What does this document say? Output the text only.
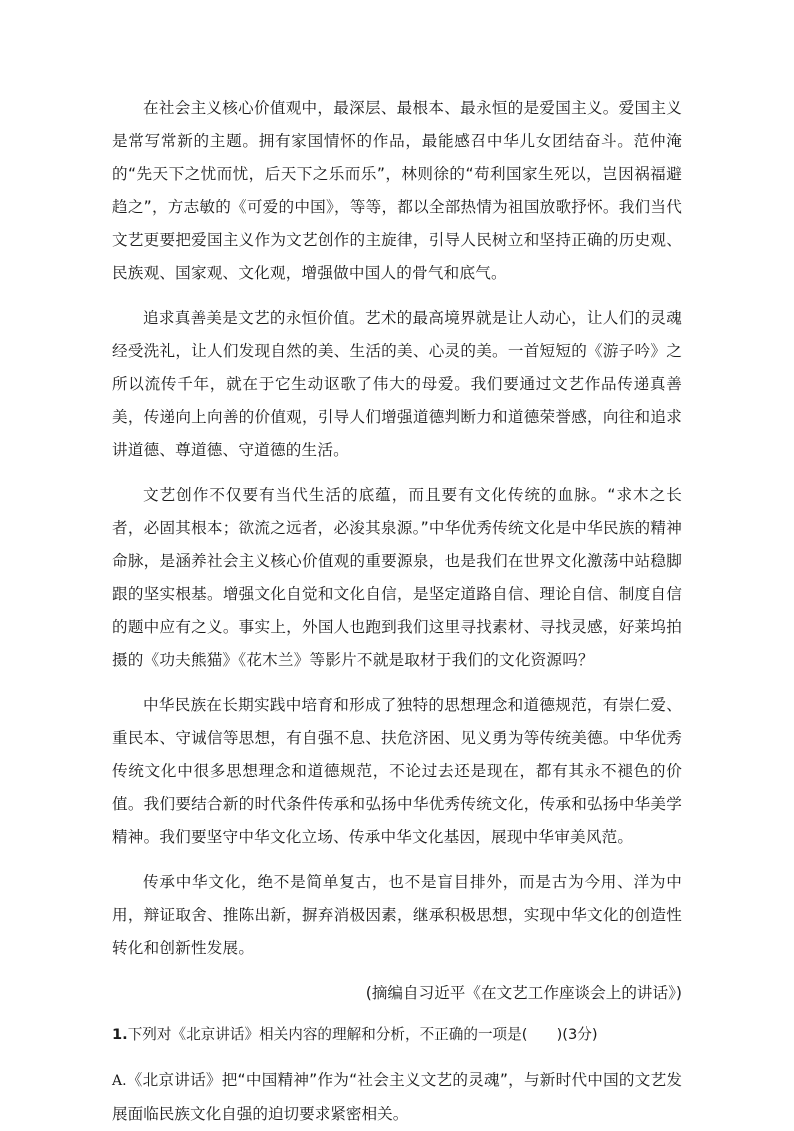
在社会主义核心价值观中，最深层、最根本、最永恒的是爱国主义。爱国主义是常写常新的主题。拥有家国情怀的作品，最能感召中华儿女团结奋斗。范仲淹的“先天下之忧而忧，后天下之乐而乐”，林则徐的“苟利国家生死以，岂因祸福避趋之”，方志敏的《可爱的中国》，等等，都以全部热情为祖国放歌抒怀。我们当代文艺更要把爱国主义作为文艺创作的主旋律，引导人民树立和坚持正确的历史观、民族观、国家观、文化观，增强做中国人的骨气和底气。

追求真善美是文艺的永恒价值。艺术的最高境界就是让人动心，让人们的灵魂经受洗礼，让人们发现自然的美、生活的美、心灵的美。一首短短的《游子吟》之所以流传千年，就在于它生动讴歌了伟大的母爱。我们要通过文艺作品传递真善美，传递向上向善的价值观，引导人们增强道德判断力和道德荣誉感，向往和追求讲道德、尊道德、守道德的生活。

文艺创作不仅要有当代生活的底蕴，而且要有文化传统的血脉。“求木之长者，必固其根本；欲流之远者，必浚其泉源。”中华优秀传统文化是中华民族的精神命脉，是涵养社会主义核心价值观的重要源泉，也是我们在世界文化激荡中站稳脚跟的坚实根基。增强文化自觉和文化自信，是坚定道路自信、理论自信、制度自信的题中应有之义。事实上，外国人也跑到我们这里寻找素材、寻找灵感，好莱坞拍摄的《功夫熊猫》《花木兰》等影片不就是取材于我们的文化资源吗？

中华民族在长期实践中培育和形成了独特的思想理念和道德规范，有崇仁爱、重民本、守诚信等思想，有自强不息、扶危济困、见义勇为等传统美德。中华优秀传统文化中很多思想理念和道德规范，不论过去还是现在，都有其永不褪色的价值。我们要结合新的时代条件传承和弘扬中华优秀传统文化，传承和弘扬中华美学精神。我们要坚守中华文化立场、传承中华文化基因，展现中华审美风范。

传承中华文化，绝不是简单复古，也不是盲目排外，而是古为今用、洋为中用，辩证取舍、推陈出新，摒弃消极因素，继承积极思想，实现中华文化的创造性转化和创新性发展。

(摘编自习近平《在文艺工作座谈会上的讲话》)

1.下列对《北京讲话》相关内容的理解和分析，不正确的一项是(　　)(3分)

A.《北京讲话》把“中国精神”作为“社会主义文艺的灵魂”，与新时代中国的文艺发展面临民族文化自强的迫切要求紧密相关。
